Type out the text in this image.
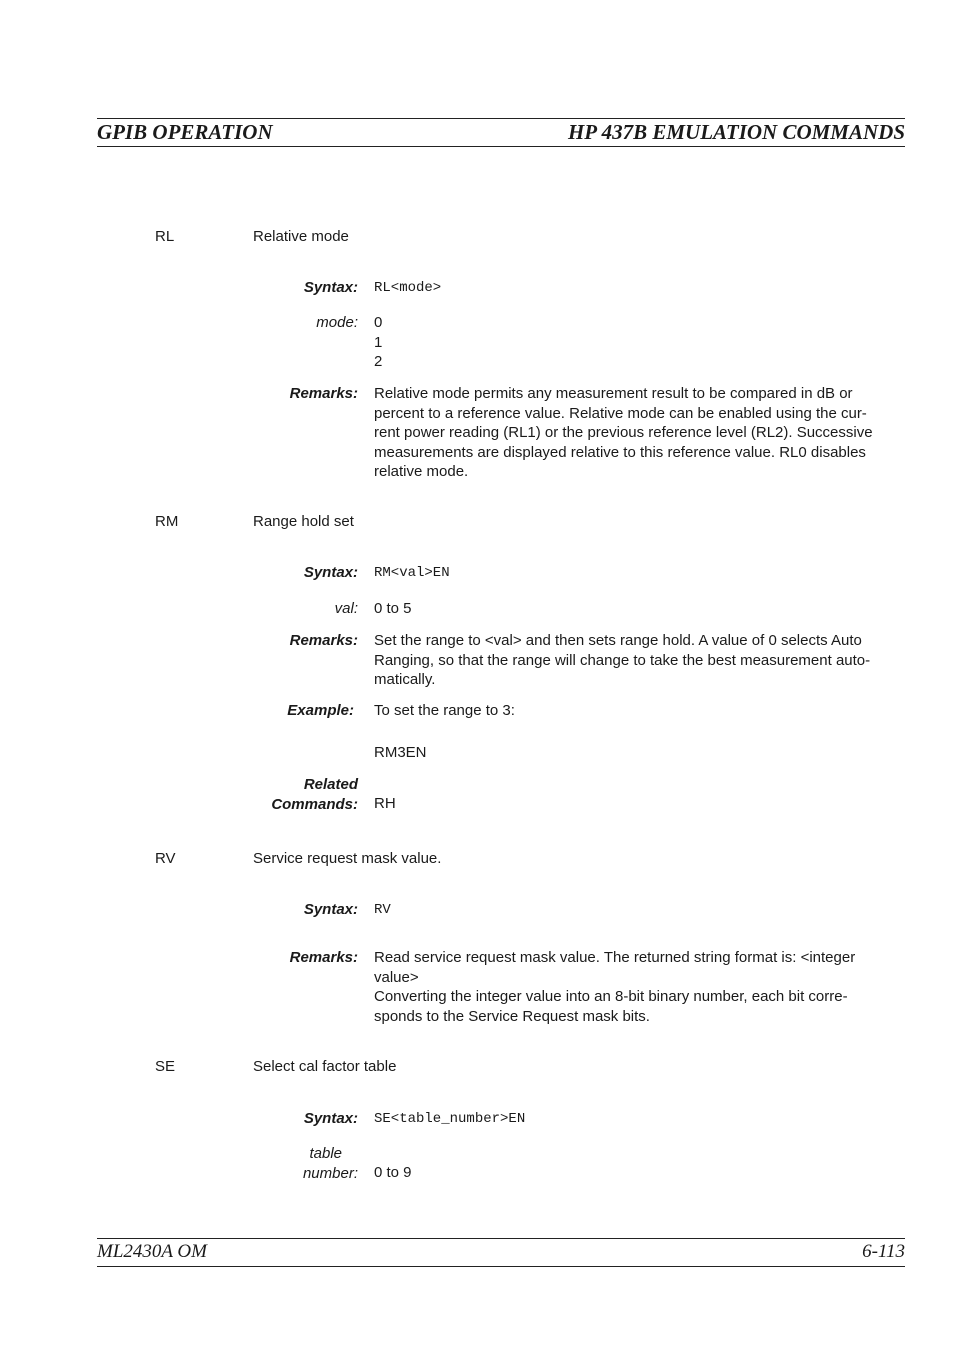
GPIB OPERATION	HP 437B EMULATION COMMANDS
RL	Relative mode
Syntax: RL<mode>
mode: 0
1
2
Remarks: Relative mode permits any measurement result to be compared in dB or
percent to a reference value. Relative mode can be enabled using the cur-
rent power reading (RL1) or the previous reference level (RL2). Successive
measurements are displayed relative to this reference value. RL0 disables
relative mode.
RM	Range hold set
Syntax: RM<val>EN
val: 0 to 5
Remarks: Set the range to <val> and then sets range hold. A value of 0 selects Auto
Ranging, so that the range will change to take the best measurement auto-
matically.
Example: To set the range to 3:
RM3EN
Related
Commands: RH
RV	Service request mask value.
Syntax: RV
Remarks: Read service request mask value. The returned string format is: <integer
value>
Converting the integer value into an 8-bit binary number, each bit corre-
sponds to the Service Request mask bits.
SE	Select cal factor table
Syntax: SE<table_number>EN
table
number: 0 to 9
ML2430A OM	6-113
